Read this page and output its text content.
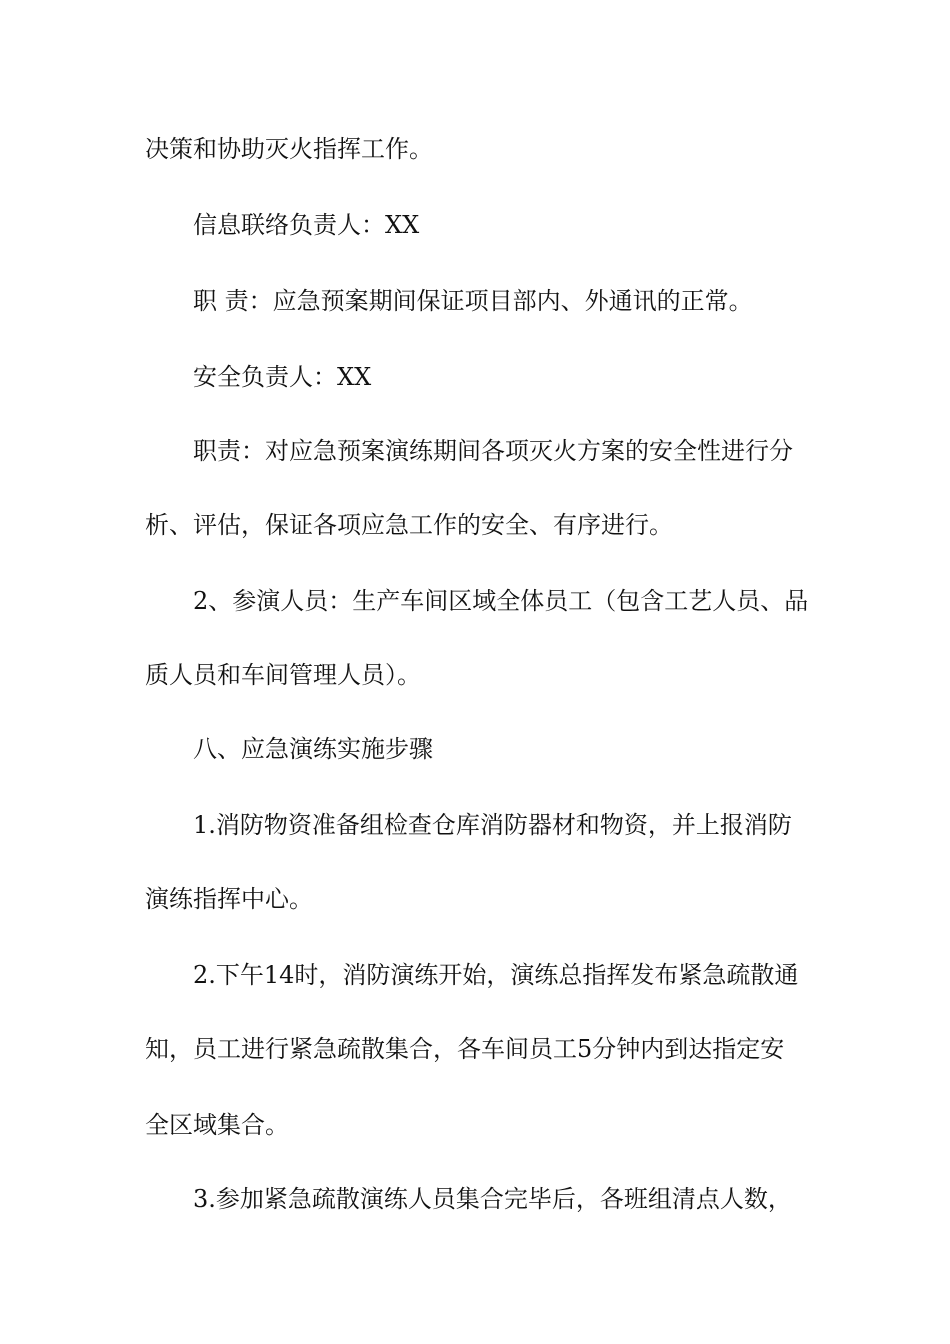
决策和协助灭火指挥工作。
信息联络负责人：XX
职 责：应急预案期间保证项目部内、外通讯的正常。
安全负责人：XX
职责：对应急预案演练期间各项灭火方案的安全性进行分
析、评估，保证各项应急工作的安全、有序进行。
2、参演人员：生产车间区域全体员工（包含工艺人员、品
质人员和车间管理人员）。
八、应急演练实施步骤
1.消防物资准备组检查仓库消防器材和物资，并上报消防
演练指挥中心。
2.下午14时，消防演练开始，演练总指挥发布紧急疏散通
知，员工进行紧急疏散集合，各车间员工5分钟内到达指定安
全区域集合。
3.参加紧急疏散演练人员集合完毕后，各班组清点人数，
